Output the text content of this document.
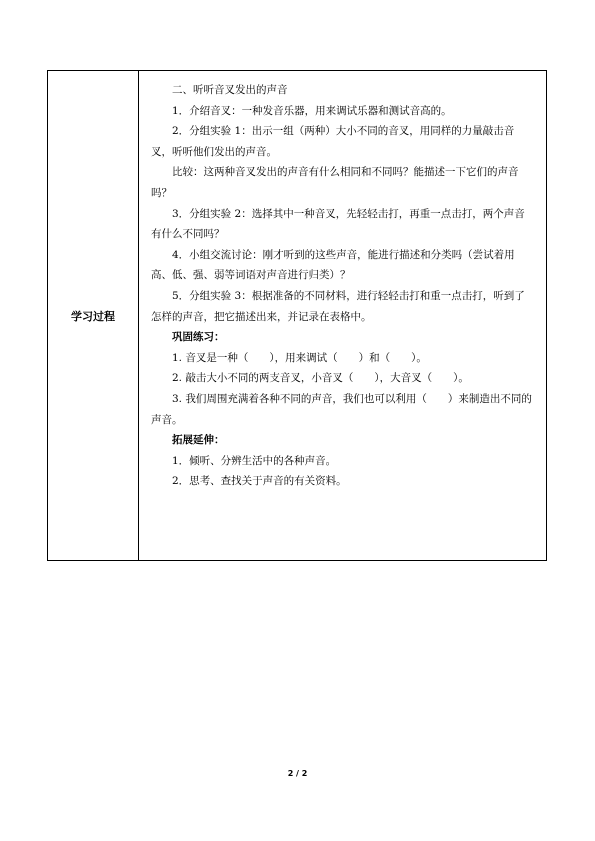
学习过程	

二、听听音叉发出的声音

1．介绍音叉：一种发音乐器，用来调试乐器和测试音高的。

2．分组实验 1：出示一组（两种）大小不同的音叉，用同样的力量敲击音叉，听听他们发出的声音。

比较：这两种音叉发出的声音有什么相同和不同吗？能描述一下它们的声音吗？

3．分组实验 2：选择其中一种音叉，先轻轻击打，再重一点击打，两个声音有什么不同吗？

4．小组交流讨论：刚才听到的这些声音，能进行描述和分类吗（尝试着用高、低、强、弱等词语对声音进行归类）？

5．分组实验 3：根据准备的不同材料，进行轻轻击打和重一点击打，听到了怎样的声音，把它描述出来，并记录在表格中。

巩固练习：

1. 音叉是一种（　　），用来调试（　　）和（　　）。

2. 敲击大小不同的两支音叉，小音叉（　　），大音叉（　　）。

3. 我们周围充满着各种不同的声音，我们也可以利用（　　）来制造出不同的声音。

拓展延伸：

1．倾听、分辨生活中的各种声音。

2．思考、查找关于声音的有关资料。

2 / 2
